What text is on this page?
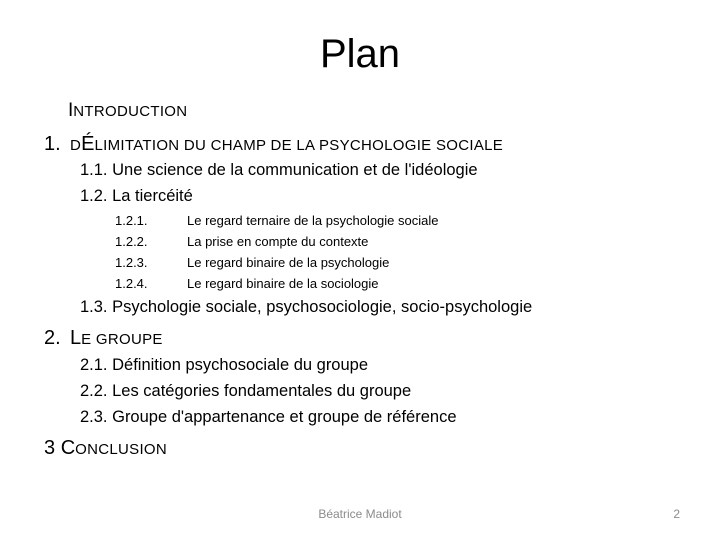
Plan
INTRODUCTION
1. DÉLIMITATION DU CHAMP DE LA PSYCHOLOGIE SOCIALE
1.1. Une science de la communication et de l'idéologie
1.2. La tiercéité
1.2.1.	Le regard ternaire de la psychologie sociale
1.2.2.	La prise en compte du contexte
1.2.3.	Le regard binaire de la psychologie
1.2.4.	Le regard binaire de la sociologie
1.3. Psychologie sociale, psychosociologie, socio-psychologie
2. LE GROUPE
2.1. Définition psychosociale du groupe
2.2. Les catégories fondamentales du groupe
2.3. Groupe d'appartenance et groupe de référence
3 CONCLUSION
Béatrice Madiot	2
